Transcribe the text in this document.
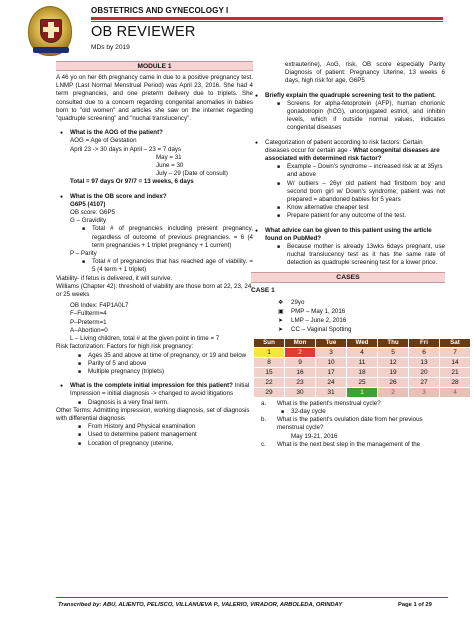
OBSTETRICS AND GYNECOLOGY I
OB REVIEWER
MDs by 2019
MODULE 1

A 46 yo on her 6th pregnancy came in due to a positive pregnancy test. LNMP (Last Normal Menstrual Period) was April 23, 2016. She had 4 term pregnancies, and one preterm delivery due to triplets. She consulted due to a concern regarding congenital anomalies in babies born to "old women" and articles she saw on the internet regarding "quadruple screening" and "nuchal translucency".

● What is the AOG of the patient?

AOG = Age of Gestation

April 23 -> 30 days in April – 23 = 7 days

May = 31

June = 30

July – 29 (Date of consult)

Total = 97 days Or 97/7 = 13 weeks, 6 days

● What is the OB score and index?

G6P5 (4107)

OB score: G6P5

G – Gravidity

■ Total # of pregnancies including present pregnancy, regardless of outcome of previous pregnancies. = 6 (4 term pregnancies + 1 triplet pregnancy + 1 current)

P – Parity

■ Total # of pregnancies that has reached age of viability. = 5 (4 term + 1 triplet)

Viability- if fetus is delivered, it will survive.

Williams (Chapter 42): threshold of viability are those born at 22, 23, 24, or 25 weeks

OB Index: F4P1A0L7

F–Fullterm=4

P–Preterm=1

A–Abortion=0

L – Living children, total # at the given point in time = 7

Risk factorization: Factors for high risk pregnancy:

■ Ages 35 and above at time of pregnancy, or 19 and below

■ Parity of 5 and above

■ Multiple pregnancy (triplets)

● What is the complete initial impression for this patient? Initial Impression = initial diagnosis -> changed to avoid litigations

■ Diagnosis is a very final term.

Other Terms: Admitting impression, working diagnosis, set of diagnosis with differential diagnosis

■ From History and Physical examination

■ Used to determine patient management

■ Location of pregnancy (uterine,

extrauterine), AoG, risk, OB score especially Parity Diagnosis of patient: Pregnancy Uterine, 13 weeks 6 days, high risk for age, G6P5

● Briefly explain the quadruple screening test to the patient.

■ Screens for alpha-fetoprotein (AFP), human chorionic gonadotropin (hCG), unconjugated estriol, and inhibin levels, which if outside normal values, indicates congenital diseases

● Categorization of patient according to risk factors: Certain diseases occur for certain age - What congenital diseases are associated with determined risk factor?

■ Example – Down's syndrome – increased risk at at 35yrs and above

■ W/ outliers – 26yr old patient had firstborn boy and second born girl w/ Down's syndrome; patient was not prepared = abandoned babies for 5 years

■ Know alternative cheaper test

■ Prepare patient for any outcome of the test.

● What advice can be given to this patient using the article found on PubMed?

■ Because mother is already 13wks 6days pregnant, use nuchal translucency test as it has the same rate of detection as quadruple screening test for a lower price.

CASES

CASE 1

❖ 29yo

▣ PMP – May 1, 2016

➤ LMP – June 2, 2016

➤ CC – Vaginal Spotting

Sun	Mon	Tue	Wed	Thu	Fri	Sat
1	2	3	4	5	6	7
8	9	10	11	12	13	14
15	16	17	18	19	20	21
22	23	24	25	26	27	28
29	30	31	1	2	3	4

a. What is the patient's menstrual cycle?

■ 32-day cycle

b. What is the patient's ovulation date from her previous menstrual cycle?

May 19-21, 2016

c. What is the next best step in the management of the

Transcribed by: ABU, ALIENTO, PELISCO, VILLANUEVA P., VALERIO, VIRADOR, ARBOLEDA, ORINDAY	Page 1 of 29
